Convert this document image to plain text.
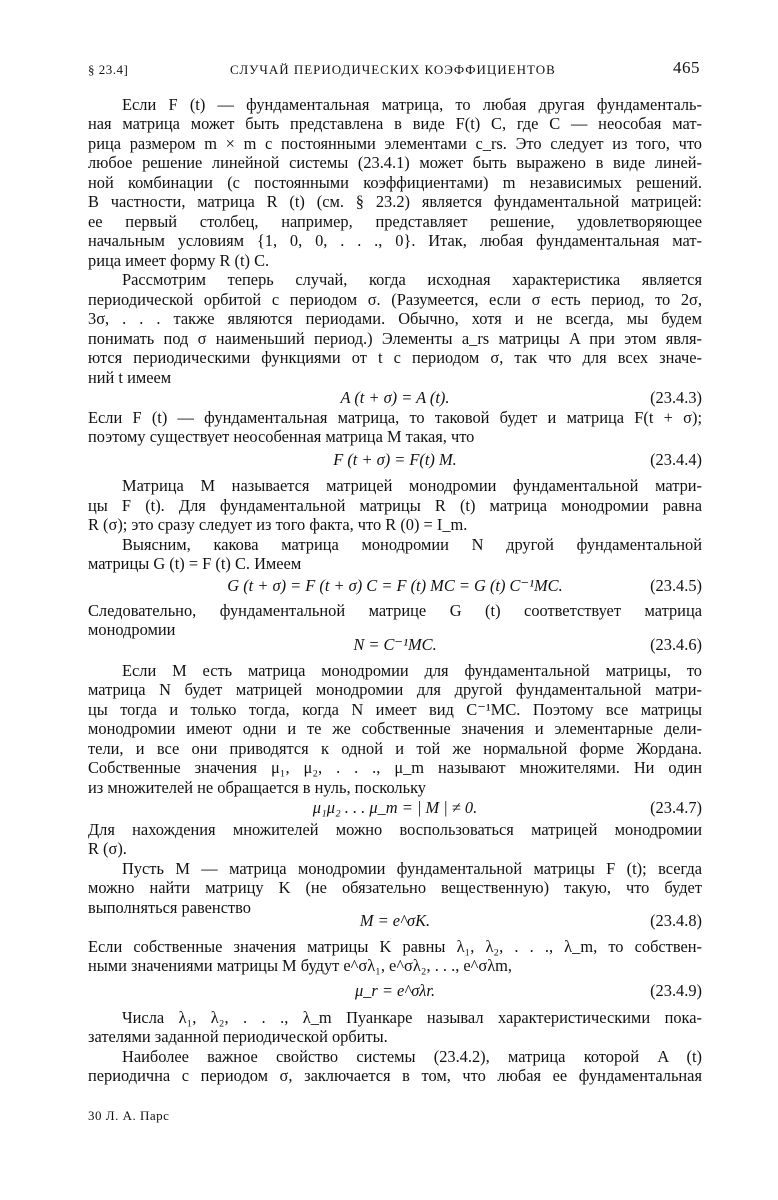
§ 23.4]	СЛУЧАЙ ПЕРИОДИЧЕСКИХ КОЭФФИЦИЕНТОВ	465
Если F (t) — фундаментальная матрица, то любая другая фундаменталь-
ная матрица может быть представлена в виде F(t) C, где C — неособая мат-
рица размером m × m с постоянными элементами c_rs. Это следует из того, что
любое решение линейной системы (23.4.1) может быть выражено в виде линей-
ной комбинации (с постоянными коэффициентами) m независимых решений.
В частности, матрица R (t) (см. § 23.2) является фундаментальной матрицей:
ее первый столбец, например, представляет решение, удовлетворяющее
начальным условиям {1, 0, 0, . . ., 0}. Итак, любая фундаментальная мат-
рица имеет форму R (t) C.
Рассмотрим теперь случай, когда исходная характеристика является
периодической орбитой с периодом σ. (Разумеется, если σ есть период, то 2σ,
3σ, . . . также являются периодами. Обычно, хотя и не всегда, мы будем
понимать под σ наименьший период.) Элементы a_rs матрицы A при этом явля-
ются периодическими функциями от t с периодом σ, так что для всех значе-
ний t имеем
A (t + σ) = A (t).	(23.4.3)
Если F (t) — фундаментальная матрица, то таковой будет и матрица F(t + σ);
поэтому существует неособенная матрица M такая, что
F (t + σ) = F(t) M.	(23.4.4)
Матрица M называется матрицей монодромии фундаментальной матри-
цы F (t). Для фундаментальной матрицы R (t) матрица монодромии равна
R (σ); это сразу следует из того факта, что R (0) = I_m.
Выясним, какова матрица монодромии N другой фундаментальной
матрицы G (t) = F (t) C. Имеем
G (t + σ) = F (t + σ) C = F (t) MC = G (t) C⁻¹MC.	(23.4.5)
Следовательно, фундаментальной матрице G (t) соответствует матрица
монодромии
N = C⁻¹MC.	(23.4.6)
Если M есть матрица монодромии для фундаментальной матрицы, то
матрица N будет матрицей монодромии для другой фундаментальной матри-
цы тогда и только тогда, когда N имеет вид C⁻¹MC. Поэтому все матрицы
монодромии имеют одни и те же собственные значения и элементарные дели-
тели, и все они приводятся к одной и той же нормальной форме Жордана.
Собственные значения μ₁, μ₂, . . ., μ_m называют множителями. Ни один
из множителей не обращается в нуль, поскольку
μ₁μ₂ . . . μ_m = | M | ≠ 0.	(23.4.7)
Для нахождения множителей можно воспользоваться матрицей монодромии
R (σ).
Пусть M — матрица монодромии фундаментальной матрицы F (t); всегда
можно найти матрицу K (не обязательно вещественную) такую, что будет
выполняться равенство
M = e^σK.	(23.4.8)
Если собственные значения матрицы K равны λ₁, λ₂, . . ., λ_m, то собствен-
ными значениями матрицы M будут e^σλ₁, e^σλ₂, . . ., e^σλm,
μ_r = e^σλr.	(23.4.9)
Числа λ₁, λ₂, . . ., λ_m Пуанкаре называл характеристическими пока-
зателями заданной периодической орбиты.
Наиболее важное свойство системы (23.4.2), матрица которой A (t)
периодична с периодом σ, заключается в том, что любая ее фундаментальная
30 Л. А. Парс
